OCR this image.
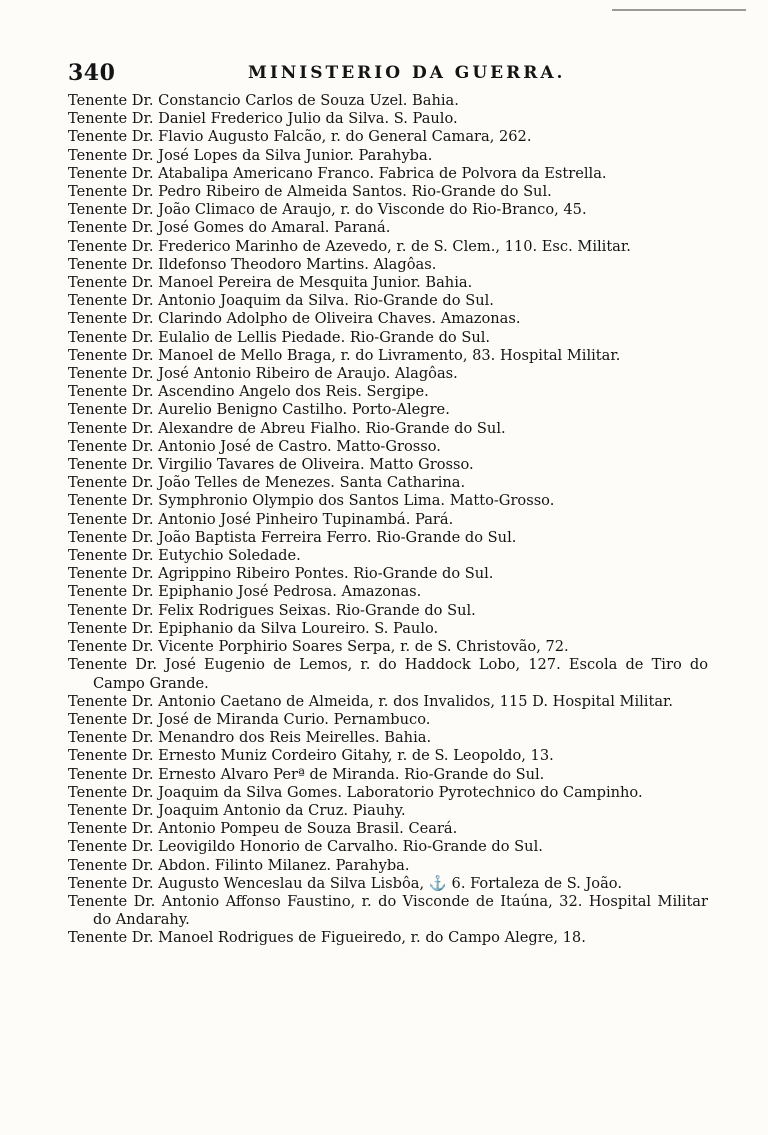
340	MINISTERIO DA GUERRA.
Tenente Dr. Constancio Carlos de Souza Uzel. Bahia.
Tenente Dr. Daniel Frederico Julio da Silva. S. Paulo.
Tenente Dr. Flavio Augusto Falcão, r. do General Camara, 262.
Tenente Dr. José Lopes da Silva Junior. Parahyba.
Tenente Dr. Atabalipa Americano Franco. Fabrica de Polvora da Estrella.
Tenente Dr. Pedro Ribeiro de Almeida Santos. Rio-Grande do Sul.
Tenente Dr. João Climaco de Araujo, r. do Visconde do Rio-Branco, 45.
Tenente Dr. José Gomes do Amaral. Paraná.
Tenente Dr. Frederico Marinho de Azevedo, r. de S. Clem., 110. Esc. Militar.
Tenente Dr. Ildefonso Theodoro Martins. Alagôas.
Tenente Dr. Manoel Pereira de Mesquita Junior. Bahia.
Tenente Dr. Antonio Joaquim da Silva. Rio-Grande do Sul.
Tenente Dr. Clarindo Adolpho de Oliveira Chaves. Amazonas.
Tenente Dr. Eulalio de Lellis Piedade. Rio-Grande do Sul.
Tenente Dr. Manoel de Mello Braga, r. do Livramento, 83. Hospital Militar.
Tenente Dr. José Antonio Ribeiro de Araujo. Alagôas.
Tenente Dr. Ascendino Angelo dos Reis. Sergipe.
Tenente Dr. Aurelio Benigno Castilho. Porto-Alegre.
Tenente Dr. Alexandre de Abreu Fialho. Rio-Grande do Sul.
Tenente Dr. Antonio José de Castro. Matto-Grosso.
Tenente Dr. Virgilio Tavares de Oliveira. Matto Grosso.
Tenente Dr. João Telles de Menezes. Santa Catharina.
Tenente Dr. Symphronio Olympio dos Santos Lima. Matto-Grosso.
Tenente Dr. Antonio José Pinheiro Tupinambá. Pará.
Tenente Dr. João Baptista Ferreira Ferro. Rio-Grande do Sul.
Tenente Dr. Eutychio Soledade.
Tenente Dr. Agrippino Ribeiro Pontes. Rio-Grande do Sul.
Tenente Dr. Epiphanio José Pedrosa. Amazonas.
Tenente Dr. Felix Rodrigues Seixas. Rio-Grande do Sul.
Tenente Dr. Epiphanio da Silva Loureiro. S. Paulo.
Tenente Dr. Vicente Porphirio Soares Serpa, r. de S. Christovão, 72.
Tenente Dr. José Eugenio de Lemos, r. do Haddock Lobo, 127. Escola de Tiro do Campo Grande.
Tenente Dr. Antonio Caetano de Almeida, r. dos Invalidos, 115 D. Hospital Militar.
Tenente Dr. José de Miranda Curio. Pernambuco.
Tenente Dr. Menandro dos Reis Meirelles. Bahia.
Tenente Dr. Ernesto Muniz Cordeiro Gitahy, r. de S. Leopoldo, 13.
Tenente Dr. Ernesto Alvaro Perª de Miranda. Rio-Grande do Sul.
Tenente Dr. Joaquim da Silva Gomes. Laboratorio Pyrotechnico do Campinho.
Tenente Dr. Joaquim Antonio da Cruz. Piauhy.
Tenente Dr. Antonio Pompeu de Souza Brasil. Ceará.
Tenente Dr. Leovigildo Honorio de Carvalho. Rio-Grande do Sul.
Tenente Dr. Abdon. Filinto Milanez. Parahyba.
Tenente Dr. Augusto Wenceslau da Silva Lisbôa, ⚓ 6. Fortaleza de S. João.
Tenente Dr. Antonio Affonso Faustino, r. do Visconde de Itaúna, 32. Hospital Militar do Andarahy.
Tenente Dr. Manoel Rodrigues de Figueiredo, r. do Campo Alegre, 18.
